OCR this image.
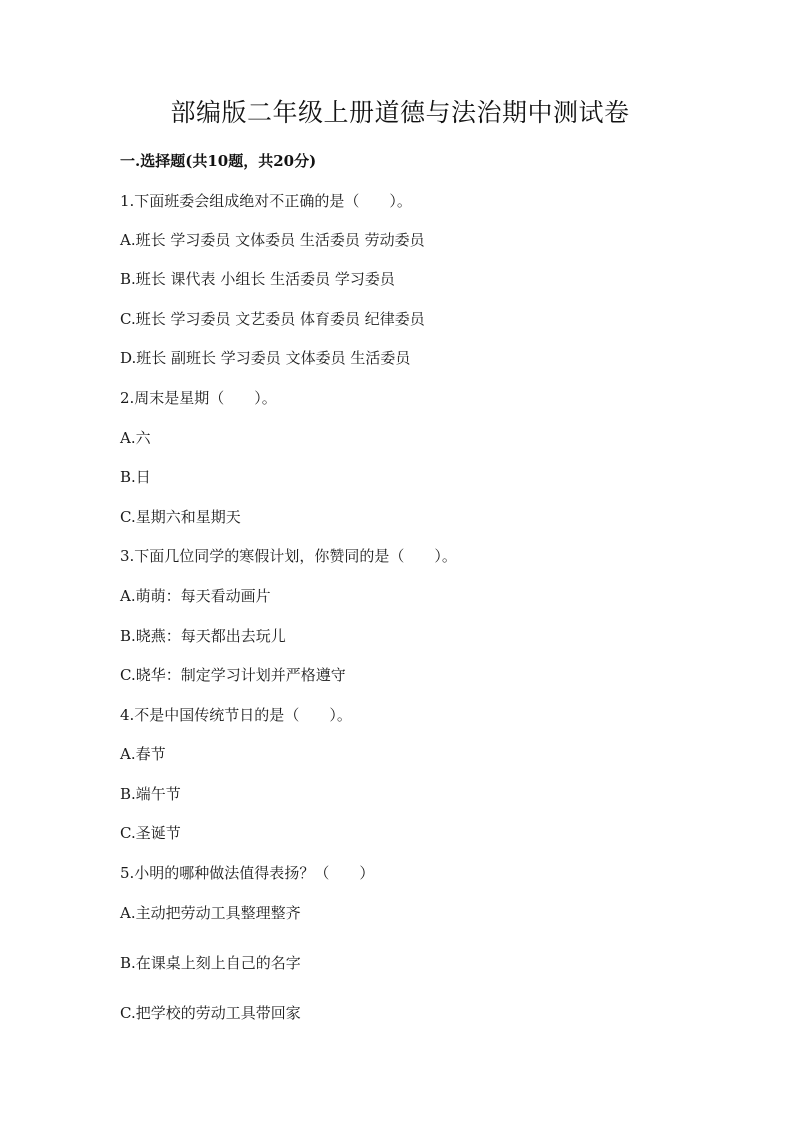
部编版二年级上册道德与法治期中测试卷
一.选择题(共10题，共20分)
1.下面班委会组成绝对不正确的是（　　）。
A.班长 学习委员 文体委员 生活委员 劳动委员
B.班长 课代表 小组长 生活委员 学习委员
C.班长 学习委员 文艺委员 体育委员 纪律委员
D.班长 副班长 学习委员 文体委员 生活委员
2.周末是星期（　　）。
A.六
B.日
C.星期六和星期天
3.下面几位同学的寒假计划，你赞同的是（　　）。
A.萌萌：每天看动画片
B.晓燕：每天都出去玩儿
C.晓华：制定学习计划并严格遵守
4.不是中国传统节日的是（　　）。
A.春节
B.端午节
C.圣诞节
5.小明的哪种做法值得表扬？（　　）
A.主动把劳动工具整理整齐
B.在课桌上刻上自己的名字
C.把学校的劳动工具带回家
